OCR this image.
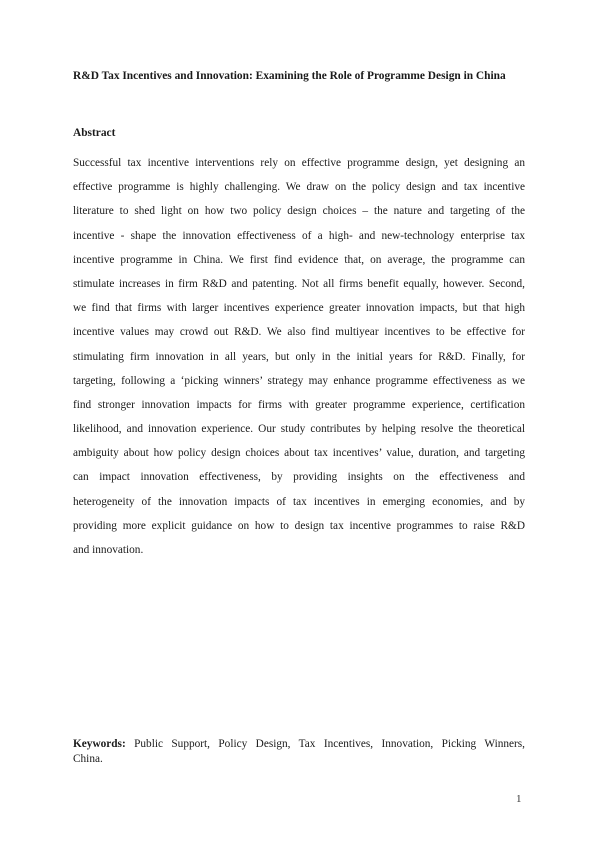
R&D Tax Incentives and Innovation: Examining the Role of Programme Design in China
Abstract
Successful tax incentive interventions rely on effective programme design, yet designing an
effective programme is highly challenging. We draw on the policy design and tax incentive
literature to shed light on how two policy design choices – the nature and targeting of the
incentive - shape the innovation effectiveness of a high- and new-technology enterprise tax
incentive programme in China. We first find evidence that, on average, the programme can
stimulate increases in firm R&D and patenting. Not all firms benefit equally, however. Second,
we find that firms with larger incentives experience greater innovation impacts, but that high
incentive values may crowd out R&D. We also find multiyear incentives to be effective for
stimulating firm innovation in all years, but only in the initial years for R&D. Finally, for
targeting, following a ‘picking winners’ strategy may enhance programme effectiveness as we
find stronger innovation impacts for firms with greater programme experience, certification
likelihood, and innovation experience. Our study contributes by helping resolve the theoretical
ambiguity about how policy design choices about tax incentives’ value, duration, and targeting
can impact innovation effectiveness, by providing insights on the effectiveness and
heterogeneity of the innovation impacts of tax incentives in emerging economies, and by
providing more explicit guidance on how to design tax incentive programmes to raise R&D
and innovation.
Keywords: Public Support, Policy Design, Tax Incentives, Innovation, Picking Winners,
China.
1
